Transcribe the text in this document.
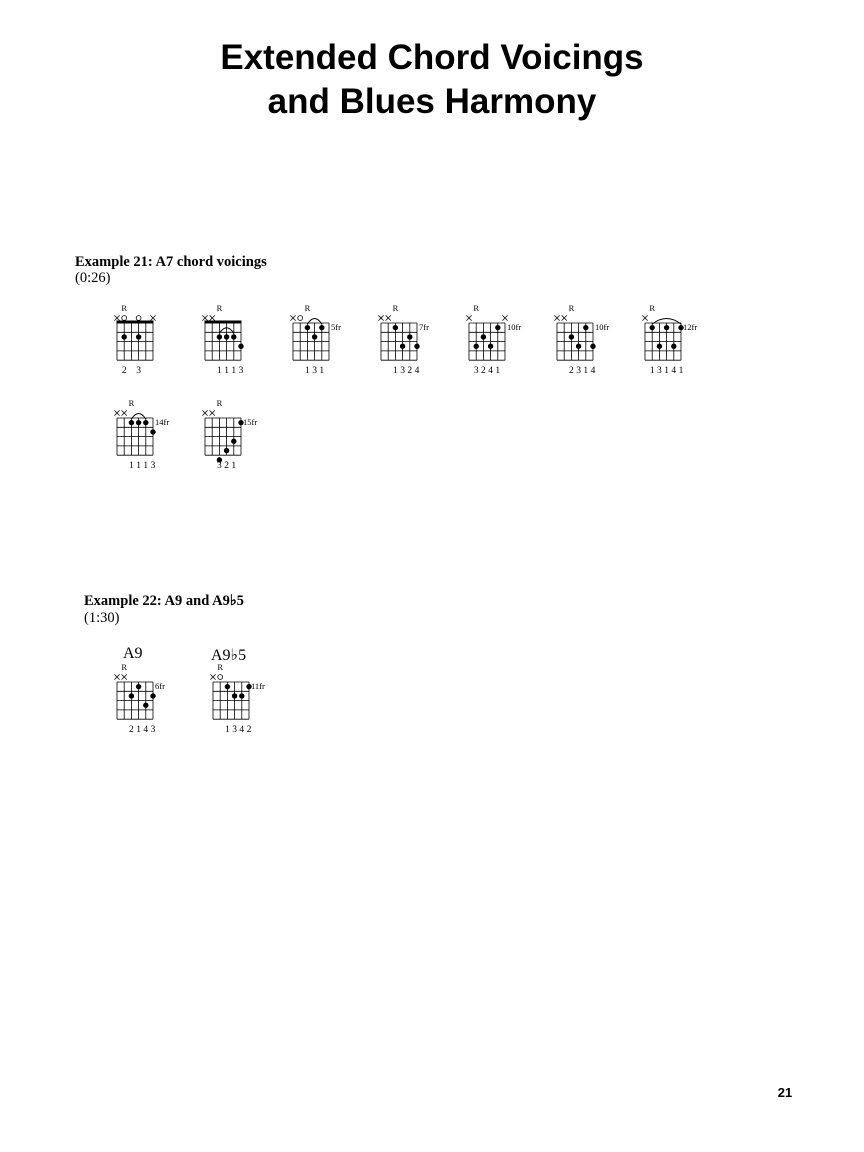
Extended Chord Voicings
and Blues Harmony

Example 21: A7 chord voicings

(0:26)

Example 22: A9 and A9♭5

(1:30)

A9	A9♭5

R
2 3
R
1 1 1 3
R
5fr
1 3 1
R
7fr
1 3 2 4
R
10fr
3 2 4 1
R
10fr
2 3 1 4
R
12fr
1 3 1 4 1
R
14fr
1 1 1 3
R
15fr
3 2 1
R
6fr
2 1 4 3
R
11fr
1 3 4 2
21
